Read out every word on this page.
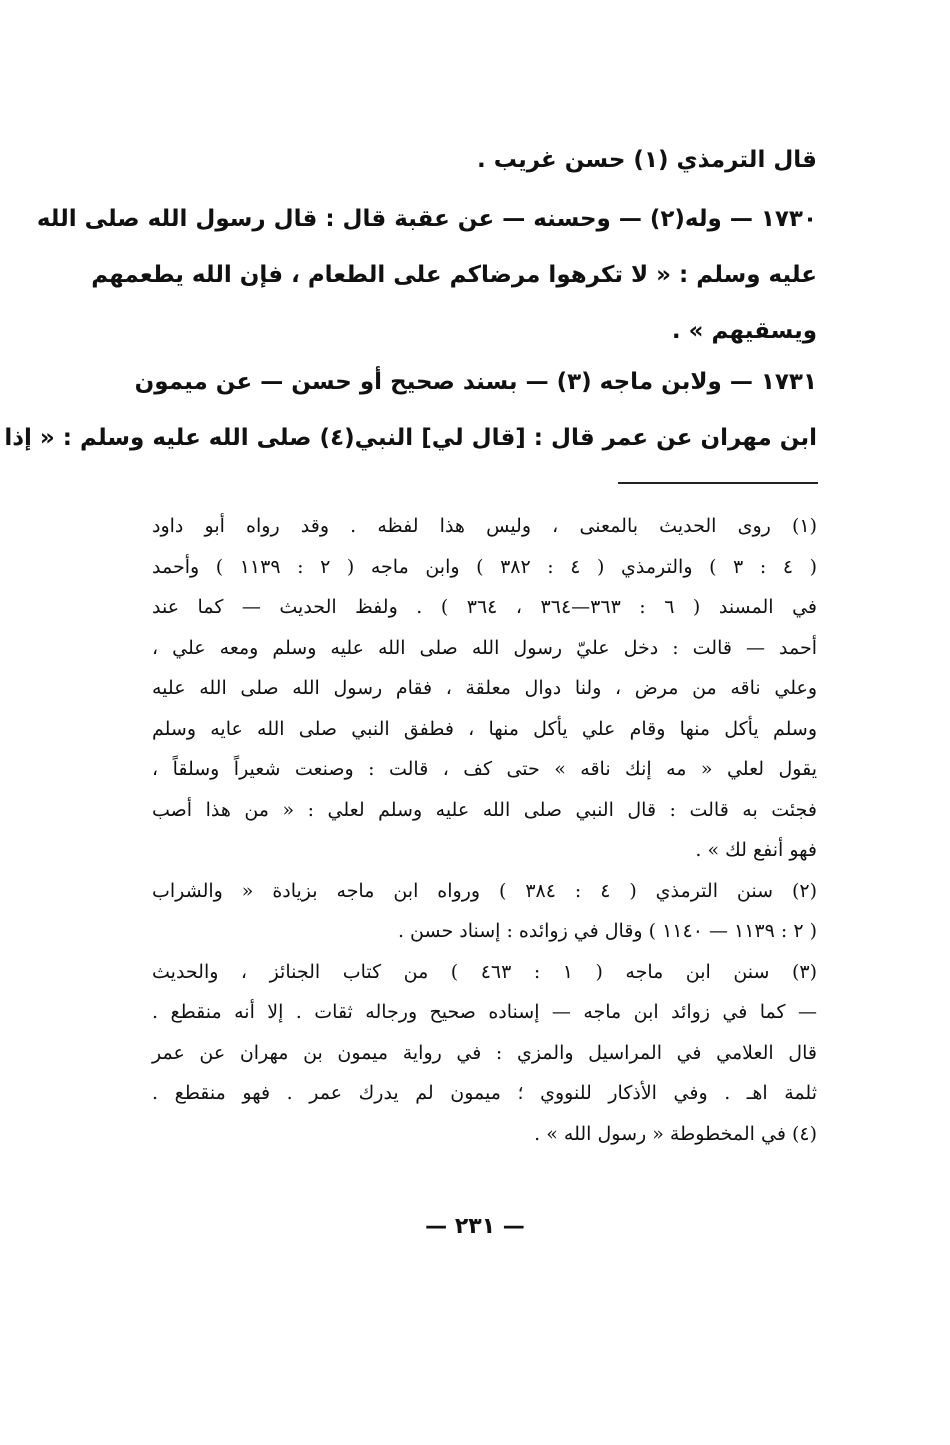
قال الترمذي (١) حسن غريب .
١٧٣٠ — وله(٢) — وحسنه — عن عقبة قال : قال رسول الله صلى الله
عليه وسلم : « لا تكرهوا مرضاكم على الطعام ، فإن الله يطعمهم
ويسقيهم » .
١٧٣١ — ولابن ماجه (٣) — بسند صحيح أو حسن — عن ميمون
ابن مهران عن عمر قال : [قال لي] النبي(٤) صلى الله عليه وسلم : « إذا
(١) روى الحديث بالمعنى ، وليس هذا لفظه . وقد رواه أبو داود
( ٤ : ٣ ) والترمذي ( ٤ : ٣٨٢ ) وابن ماجه ( ٢ : ١١٣٩ ) وأحمد
في المسند ( ٦ : ٣٦٣—٣٦٤ ، ٣٦٤ ) . ولفظ الحديث — كما عند
أحمد — قالت : دخل عليّ رسول الله صلى الله عليه وسلم ومعه علي ،
وعلي ناقه من مرض ، ولنا دوال معلقة ، فقام رسول الله صلى الله عليه
وسلم يأكل منها وقام علي يأكل منها ، فطفق النبي صلى الله عايه وسلم
يقول لعلي « مه إنك ناقه » حتى كف ، قالت : وصنعت شعيراً وسلقاً ،
فجئت به قالت : قال النبي صلى الله عليه وسلم لعلي : « من هذا أصب
فهو أنفع لك » .
(٢) سنن الترمذي ( ٤ : ٣٨٤ ) ورواه ابن ماجه بزيادة « والشراب
( ٢ : ١١٣٩ — ١١٤٠ ) وقال في زوائده : إسناد حسن .
(٣) سنن ابن ماجه ( ١ : ٤٦٣ ) من كتاب الجنائز ، والحديث
— كما في زوائد ابن ماجه — إسناده صحيح ورجاله ثقات . إلا أنه منقطع .
قال العلامي في المراسيل والمزي : في رواية ميمون بن مهران عن عمر
ثلمة اهـ . وفي الأذكار للنووي ؛ ميمون لم يدرك عمر . فهو منقطع .
(٤) في المخطوطة « رسول الله » .
— ٢٣١ —
